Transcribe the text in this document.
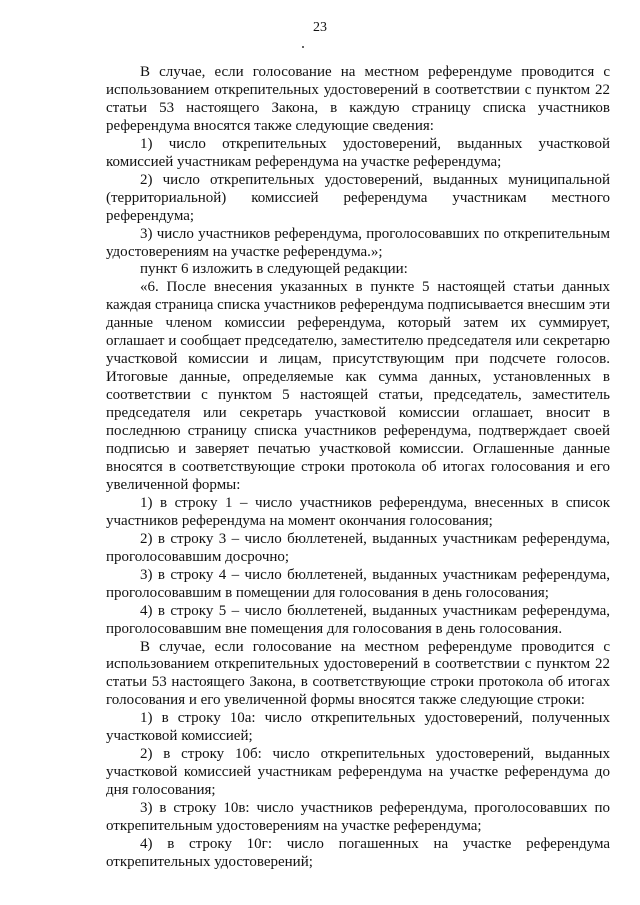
23

В случае, если голосование на местном референдуме проводится с использованием открепительных удостоверений в соответствии с пунктом 22 статьи 53 настоящего Закона, в каждую страницу списка участников референдума вносятся также следующие сведения:

1) число открепительных удостоверений, выданных участковой комиссией участникам референдума на участке референдума;

2) число открепительных удостоверений, выданных муниципальной (территориальной) комиссией референдума участникам местного референдума;

3) число участников референдума, проголосовавших по открепительным удостоверениям на участке референдума.»;

пункт 6 изложить в следующей редакции:

«6. После внесения указанных в пункте 5 настоящей статьи данных каждая страница списка участников референдума подписывается внесшим эти данные членом комиссии референдума, который затем их суммирует, оглашает и сообщает председателю, заместителю председателя или секретарю участковой комиссии и лицам, присутствующим при подсчете голосов. Итоговые данные, определяемые как сумма данных, установленных в соответствии с пунктом 5 настоящей статьи, председатель, заместитель председателя или секретарь участковой комиссии оглашает, вносит в последнюю страницу списка участников референдума, подтверждает своей подписью и заверяет печатью участковой комиссии. Оглашенные данные вносятся в соответствующие строки протокола об итогах голосования и его увеличенной формы:

1) в строку 1 – число участников референдума, внесенных в список участников референдума на момент окончания голосования;

2) в строку 3 – число бюллетеней, выданных участникам референдума, проголосовавшим досрочно;

3) в строку 4 – число бюллетеней, выданных участникам референдума, проголосовавшим в помещении для голосования в день голосования;

4) в строку 5 – число бюллетеней, выданных участникам референдума, проголосовавшим вне помещения для голосования в день голосования.

В случае, если голосование на местном референдуме проводится с использованием открепительных удостоверений в соответствии с пунктом 22 статьи 53 настоящего Закона, в соответствующие строки протокола об итогах голосования и его увеличенной формы вносятся также следующие строки:

1) в строку 10а: число открепительных удостоверений, полученных участковой комиссией;

2) в строку 10б: число открепительных удостоверений, выданных участковой комиссией участникам референдума на участке референдума до дня голосования;

3) в строку 10в: число участников референдума, проголосовавших по открепительным удостоверениям на участке референдума;

4) в строку 10г: число погашенных на участке референдума открепительных удостоверений;
